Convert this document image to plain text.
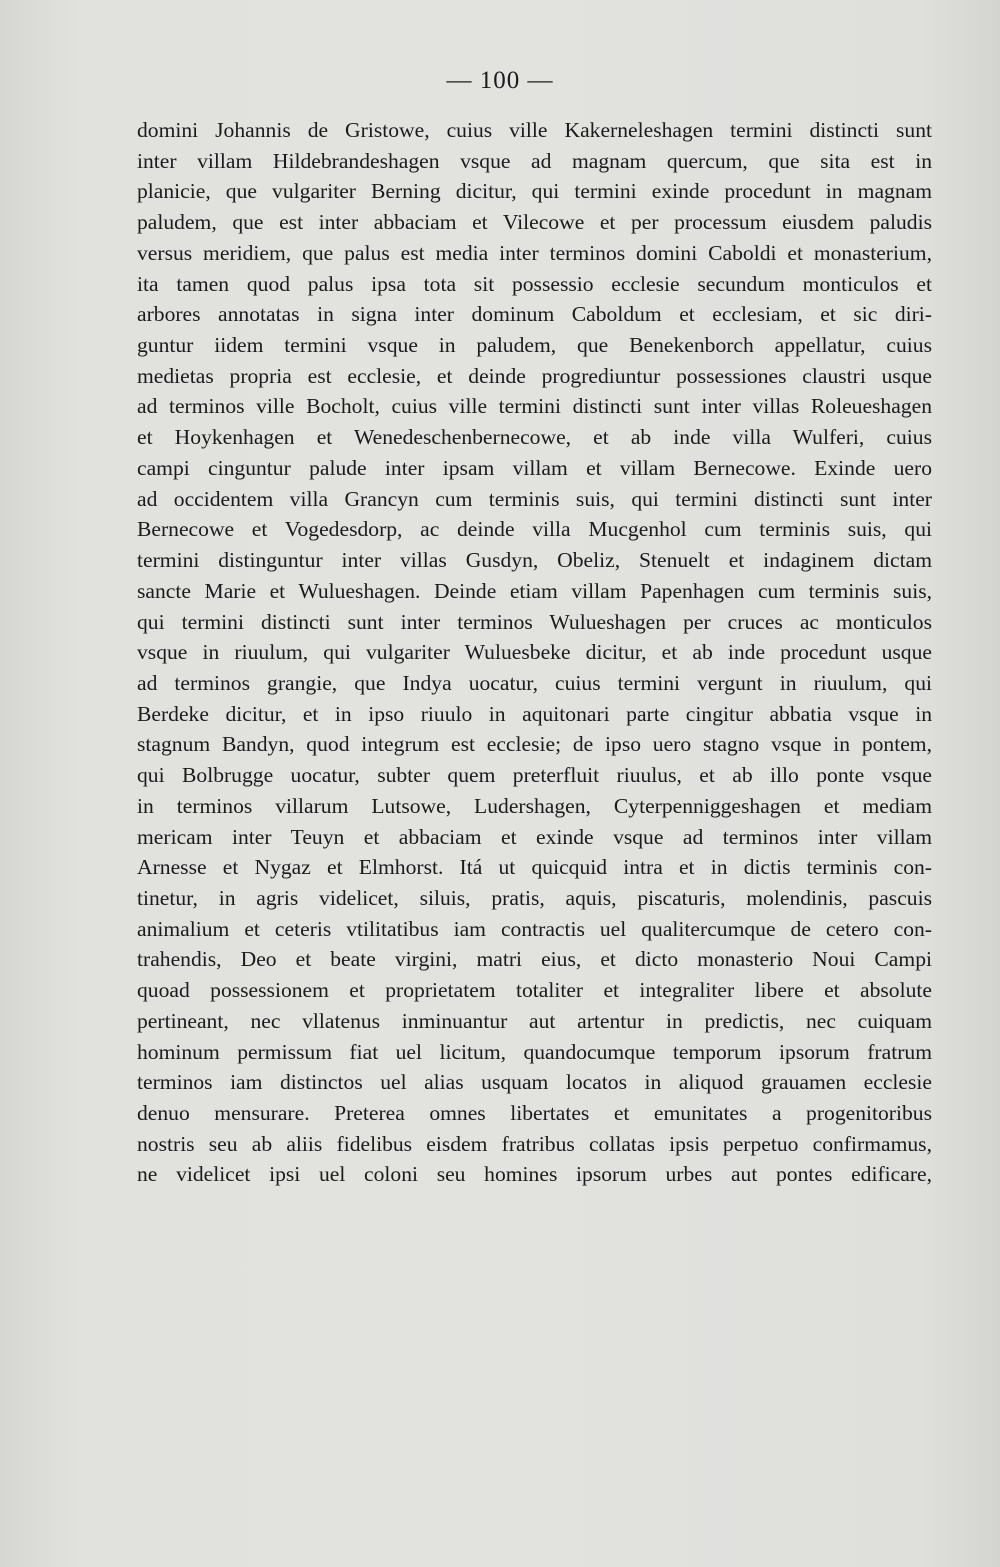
— 100 —
domini Johannis de Gristowe, cuius ville Kakerneleshagen termini distincti sunt
inter villam Hildebrandeshagen vsque ad magnam quercum, que sita est in
planicie, que vulgariter Berning dicitur, qui termini exinde procedunt in magnam
paludem, que est inter abbaciam et Vilecowe et per processum eiusdem paludis
versus meridiem, que palus est media inter terminos domini Caboldi et monasterium,
ita tamen quod palus ipsa tota sit possessio ecclesie secundum monticulos et
arbores annotatas in signa inter dominum Caboldum et ecclesiam, et sic diri-
guntur iidem termini vsque in paludem, que Benekenborch appellatur, cuius
medietas propria est ecclesie, et deinde progrediuntur possessiones claustri usque
ad terminos ville Bocholt, cuius ville termini distincti sunt inter villas Roleueshagen
et Hoykenhagen et Wenedeschenbernecowe, et ab inde villa Wulferi, cuius
campi cinguntur palude inter ipsam villam et villam Bernecowe. Exinde uero
ad occidentem villa Grancyn cum terminis suis, qui termini distincti sunt inter
Bernecowe et Vogedesdorp, ac deinde villa Mucgenhol cum terminis suis, qui
termini distinguntur inter villas Gusdyn, Obeliz, Stenuelt et indaginem dictam
sancte Marie et Wulueshagen. Deinde etiam villam Papenhagen cum terminis suis,
qui termini distincti sunt inter terminos Wulueshagen per cruces ac monticulos
vsque in riuulum, qui vulgariter Wuluesbeke dicitur, et ab inde procedunt usque
ad terminos grangie, que Indya uocatur, cuius termini vergunt in riuulum, qui
Berdeke dicitur, et in ipso riuulo in aquitonari parte cingitur abbatia vsque in
stagnum Bandyn, quod integrum est ecclesie; de ipso uero stagno vsque in pontem,
qui Bolbrugge uocatur, subter quem preterfluit riuulus, et ab illo ponte vsque
in terminos villarum Lutsowe, Ludershagen, Cyterpenniggeshagen et mediam
mericam inter Teuyn et abbaciam et exinde vsque ad terminos inter villam
Arnesse et Nygaz et Elmhorst. Itá ut quicquid intra et in dictis terminis con-
tinetur, in agris videlicet, siluis, pratis, aquis, piscaturis, molendinis, pascuis
animalium et ceteris vtilitatibus iam contractis uel qualitercumque de cetero con-
trahendis, Deo et beate virgini, matri eius, et dicto monasterio Noui Campi
quoad possessionem et proprietatem totaliter et integraliter libere et absolute
pertineant, nec vllatenus inminuantur aut artentur in predictis, nec cuiquam
hominum permissum fiat uel licitum, quandocumque temporum ipsorum fratrum
terminos iam distinctos uel alias usquam locatos in aliquod grauamen ecclesie
denuo mensurare. Preterea omnes libertates et emunitates a progenitoribus
nostris seu ab aliis fidelibus eisdem fratribus collatas ipsis perpetuo confirmamus,
ne videlicet ipsi uel coloni seu homines ipsorum urbes aut pontes edificare,
